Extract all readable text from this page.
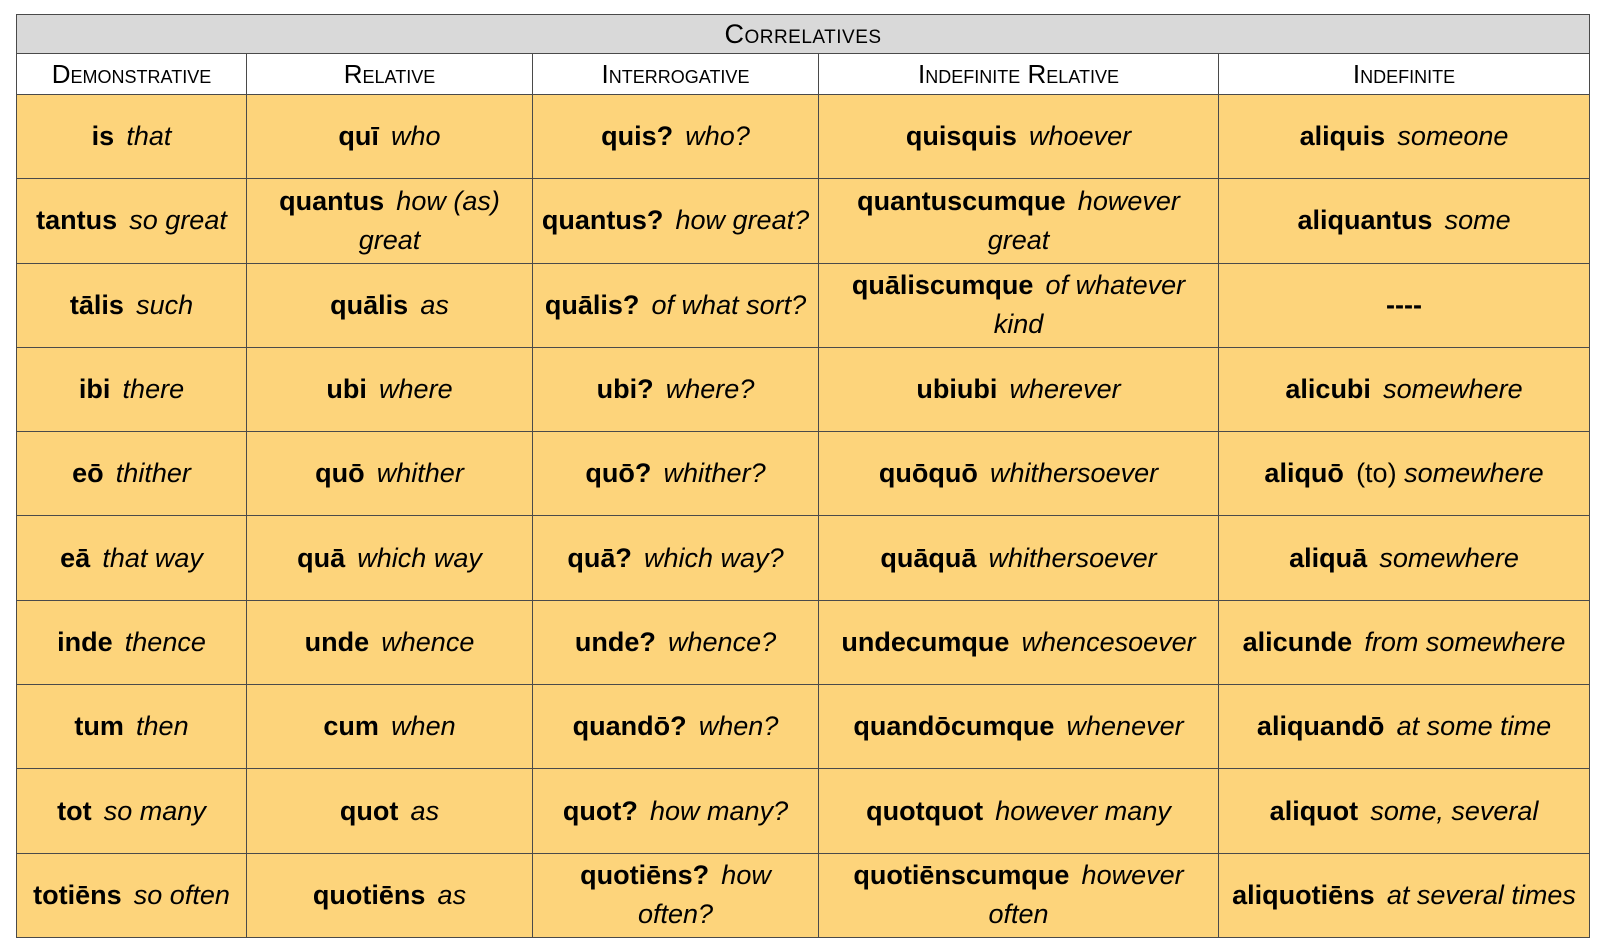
Correlatives				
Demonstrative	Relative	Interrogative	Indefinite Relative	Indefinite
is that	quī who	quis? who?	quisquis whoever	aliquis someone
tantus so great	quantus how (as) great	quantus? how great?	quantuscumque however great	aliquantus some
tālis such	quālis as	quālis? of what sort?	quāliscumque of whatever kind	----
ibi there	ubi where	ubi? where?	ubiubi wherever	alicubi somewhere
eō thither	quō whither	quō? whither?	quōquō whithersoever	aliquō (to) somewhere
eā that way	quā which way	quā? which way?	quāquā whithersoever	aliquā somewhere
inde thence	unde whence	unde? whence?	undecumque whencesoever	alicunde from somewhere
tum then	cum when	quandō? when?	quandōcumque whenever	aliquandō at some time
tot so many	quot as	quot? how many?	quotquot however many	aliquot some, several
totiēns so often	quotiēns as	quotiēns? how often?	quotiēnscumque however often	aliquotiēns at several times
